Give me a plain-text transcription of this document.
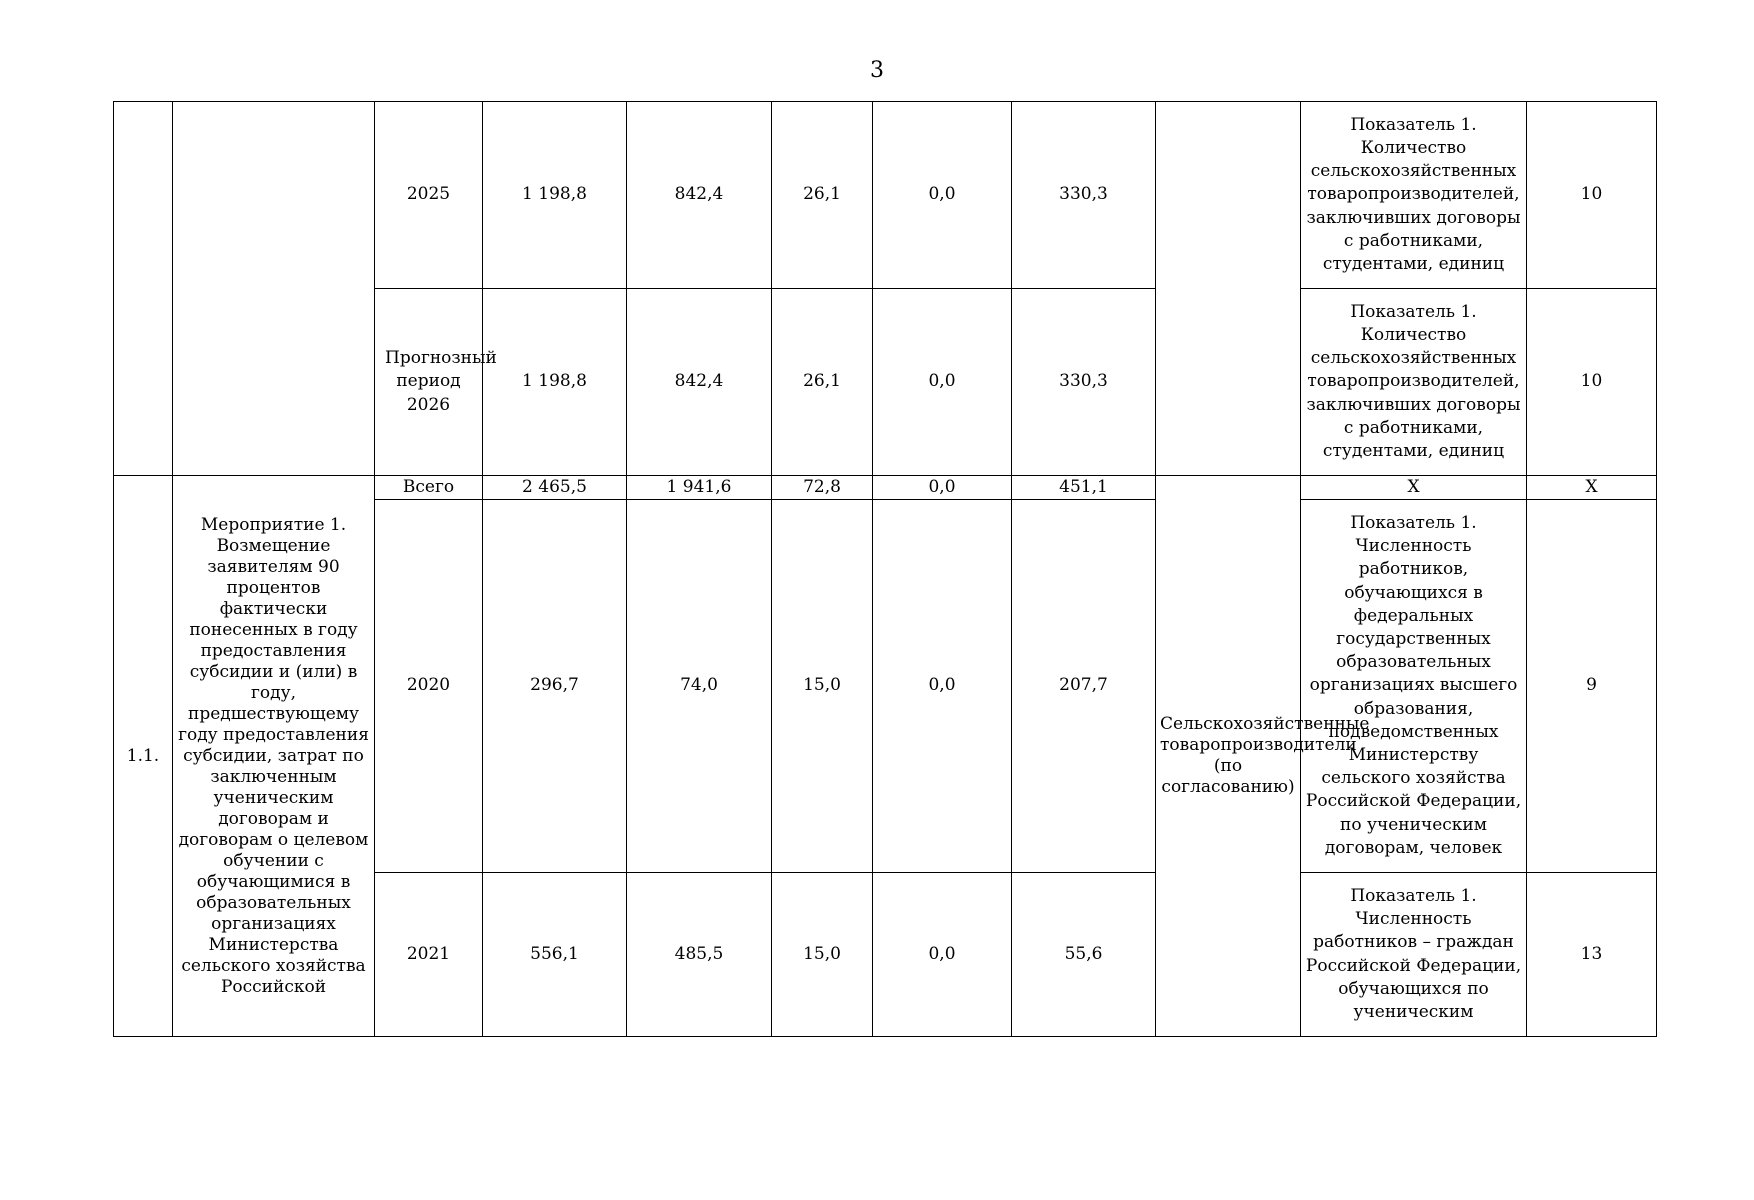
3
		2025	1 198,8	842,4	26,1	0,0	330,3		Показатель 1. Количество сельскохозяйственных товаропроизводителей, заключивших договоры с работниками, студентами, единиц	10
		Прогнозный период 2026	1 198,8	842,4	26,1	0,0	330,3		Показатель 1. Количество сельскохозяйственных товаропроизводителей, заключивших договоры с работниками, студентами, единиц	10
1.1.	Мероприятие 1. Возмещение заявителям 90 процентов фактически понесенных в году предоставления субсидии и (или) в году, предшествующему году предоставления субсидии, затрат по заключенным ученическим договорам и договорам о целевом обучении с обучающимися в образовательных организациях Министерства сельского хозяйства Российской	Всего	2 465,5	1 941,6	72,8	0,0	451,1	Сельскохозяйственные товаропроизводители (по согласованию)	Х	Х
		2020	296,7	74,0	15,0	0,0	207,7		Показатель 1. Численность работников, обучающихся в федеральных государственных образовательных организациях высшего образования, подведомственных Министерству сельского хозяйства Российской Федерации, по ученическим договорам, человек	9
		2021	556,1	485,5	15,0	0,0	55,6		Показатель 1. Численность работников – граждан Российской Федерации, обучающихся по ученическим	13
